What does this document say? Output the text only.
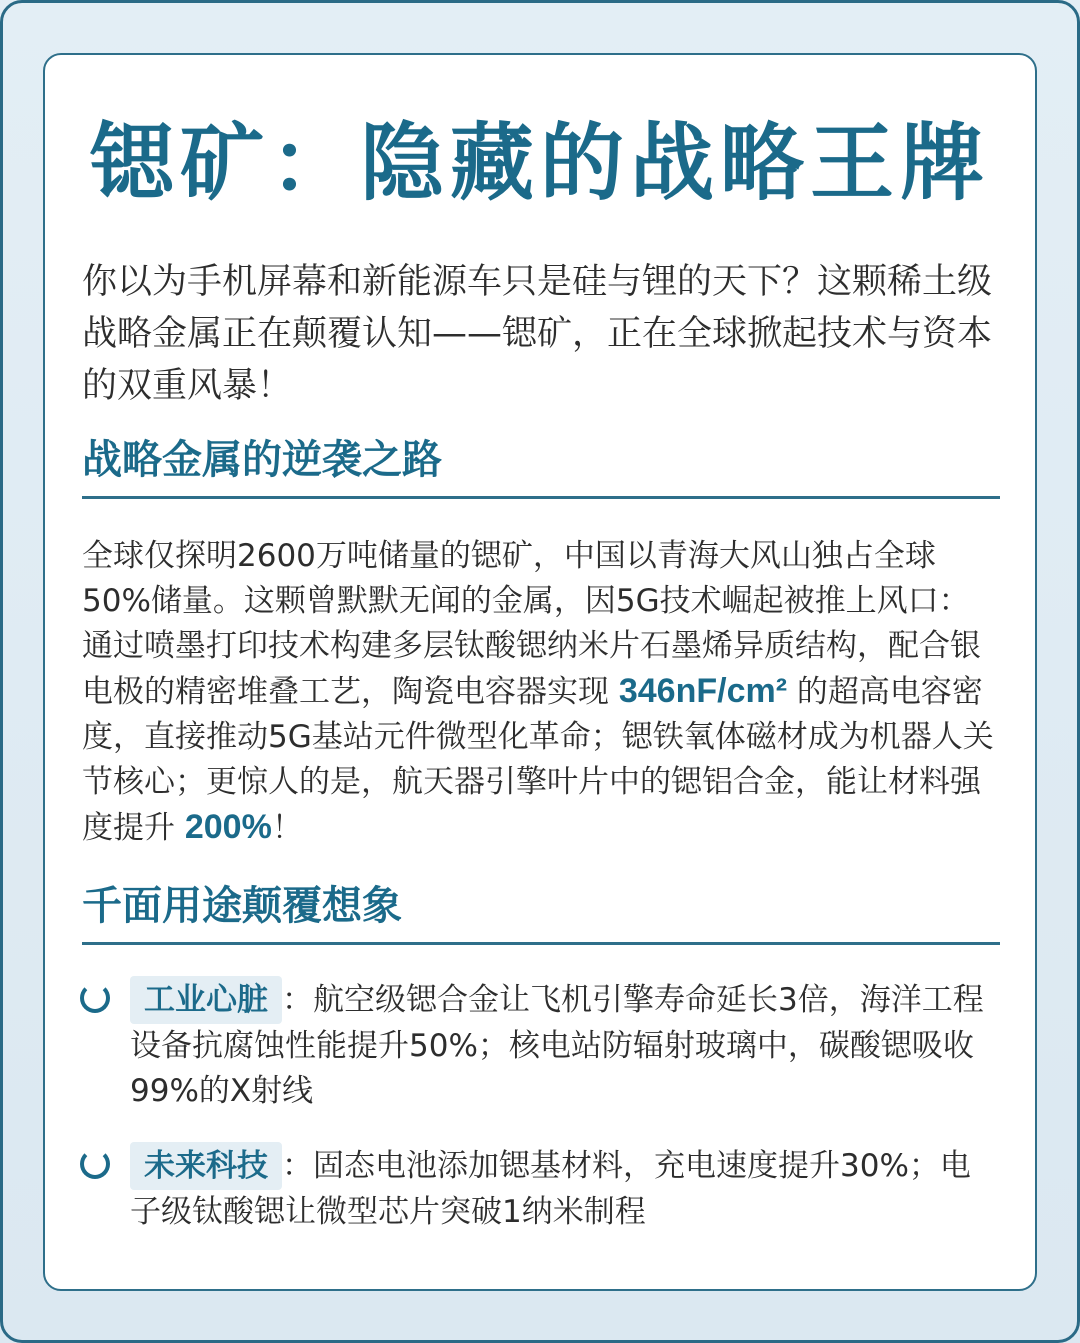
锶矿：隐藏的战略王牌

你以为手机屏幕和新能源车只是硅与锂的天下？这颗稀土级战略金属正在颠覆认知——锶矿，正在全球掀起技术与资本的双重风暴！

战略金属的逆袭之路

全球仅探明2600万吨储量的锶矿，中国以青海大风山独占全球50%储量。这颗曾默默无闻的金属，因5G技术崛起被推上风口：通过喷墨打印技术构建多层钛酸锶纳米片石墨烯异质结构，配合银电极的精密堆叠工艺，陶瓷电容器实现 346nF/cm² 的超高电容密度，直接推动5G基站元件微型化革命；锶铁氧体磁材成为机器人关节核心；更惊人的是，航天器引擎叶片中的锶铝合金，能让材料强度提升 200%！

千面用途颠覆想象
工业心脏 ：航空级锶合金让飞机引擎寿命延长3倍，海洋工程设备抗腐蚀性能提升50%；核电站防辐射玻璃中，碳酸锶吸收99%的X射线
未来科技 ：固态电池添加锶基材料，充电速度提升30%；电子级钛酸锶让微型芯片突破1纳米制程
